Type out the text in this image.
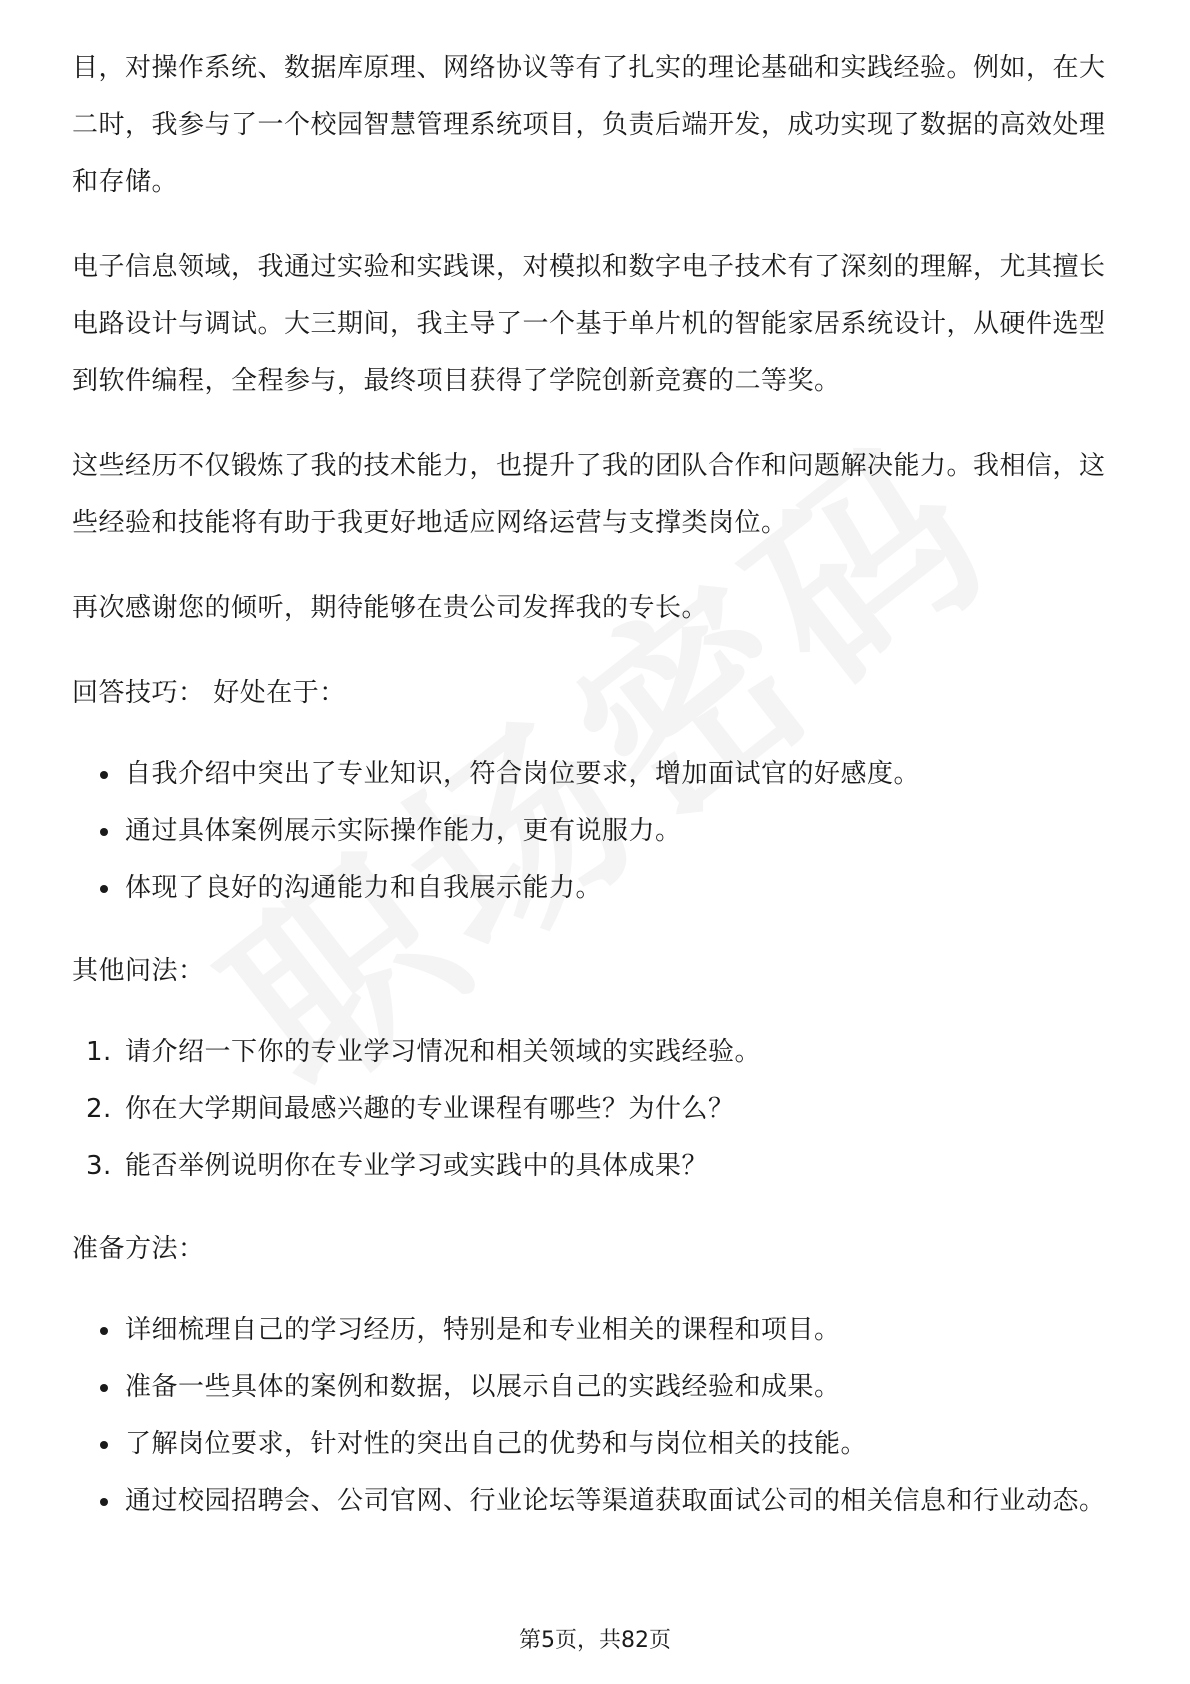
目，对操作系统、数据库原理、网络协议等有了扎实的理论基础和实践经验。例如，在大二时，我参与了一个校园智慧管理系统项目，负责后端开发，成功实现了数据的高效处理和存储。

电子信息领域，我通过实验和实践课，对模拟和数字电子技术有了深刻的理解，尤其擅长电路设计与调试。大三期间，我主导了一个基于单片机的智能家居系统设计，从硬件选型到软件编程，全程参与，最终项目获得了学院创新竞赛的二等奖。

这些经历不仅锻炼了我的技术能力，也提升了我的团队合作和问题解决能力。我相信，这些经验和技能将有助于我更好地适应网络运营与支撑类岗位。

再次感谢您的倾听，期待能够在贵公司发挥我的专长。

回答技巧： 好处在于：

自我介绍中突出了专业知识，符合岗位要求，增加面试官的好感度。
通过具体案例展示实际操作能力，更有说服力。
体现了良好的沟通能力和自我展示能力。

其他问法：

1. 请介绍一下你的专业学习情况和相关领域的实践经验。
2. 你在大学期间最感兴趣的专业课程有哪些？为什么？
3. 能否举例说明你在专业学习或实践中的具体成果？

准备方法：

详细梳理自己的学习经历，特别是和专业相关的课程和项目。
准备一些具体的案例和数据，以展示自己的实践经验和成果。
了解岗位要求，针对性的突出自己的优势和与岗位相关的技能。
通过校园招聘会、公司官网、行业论坛等渠道获取面试公司的相关信息和行业动态。
第5页，共82页
